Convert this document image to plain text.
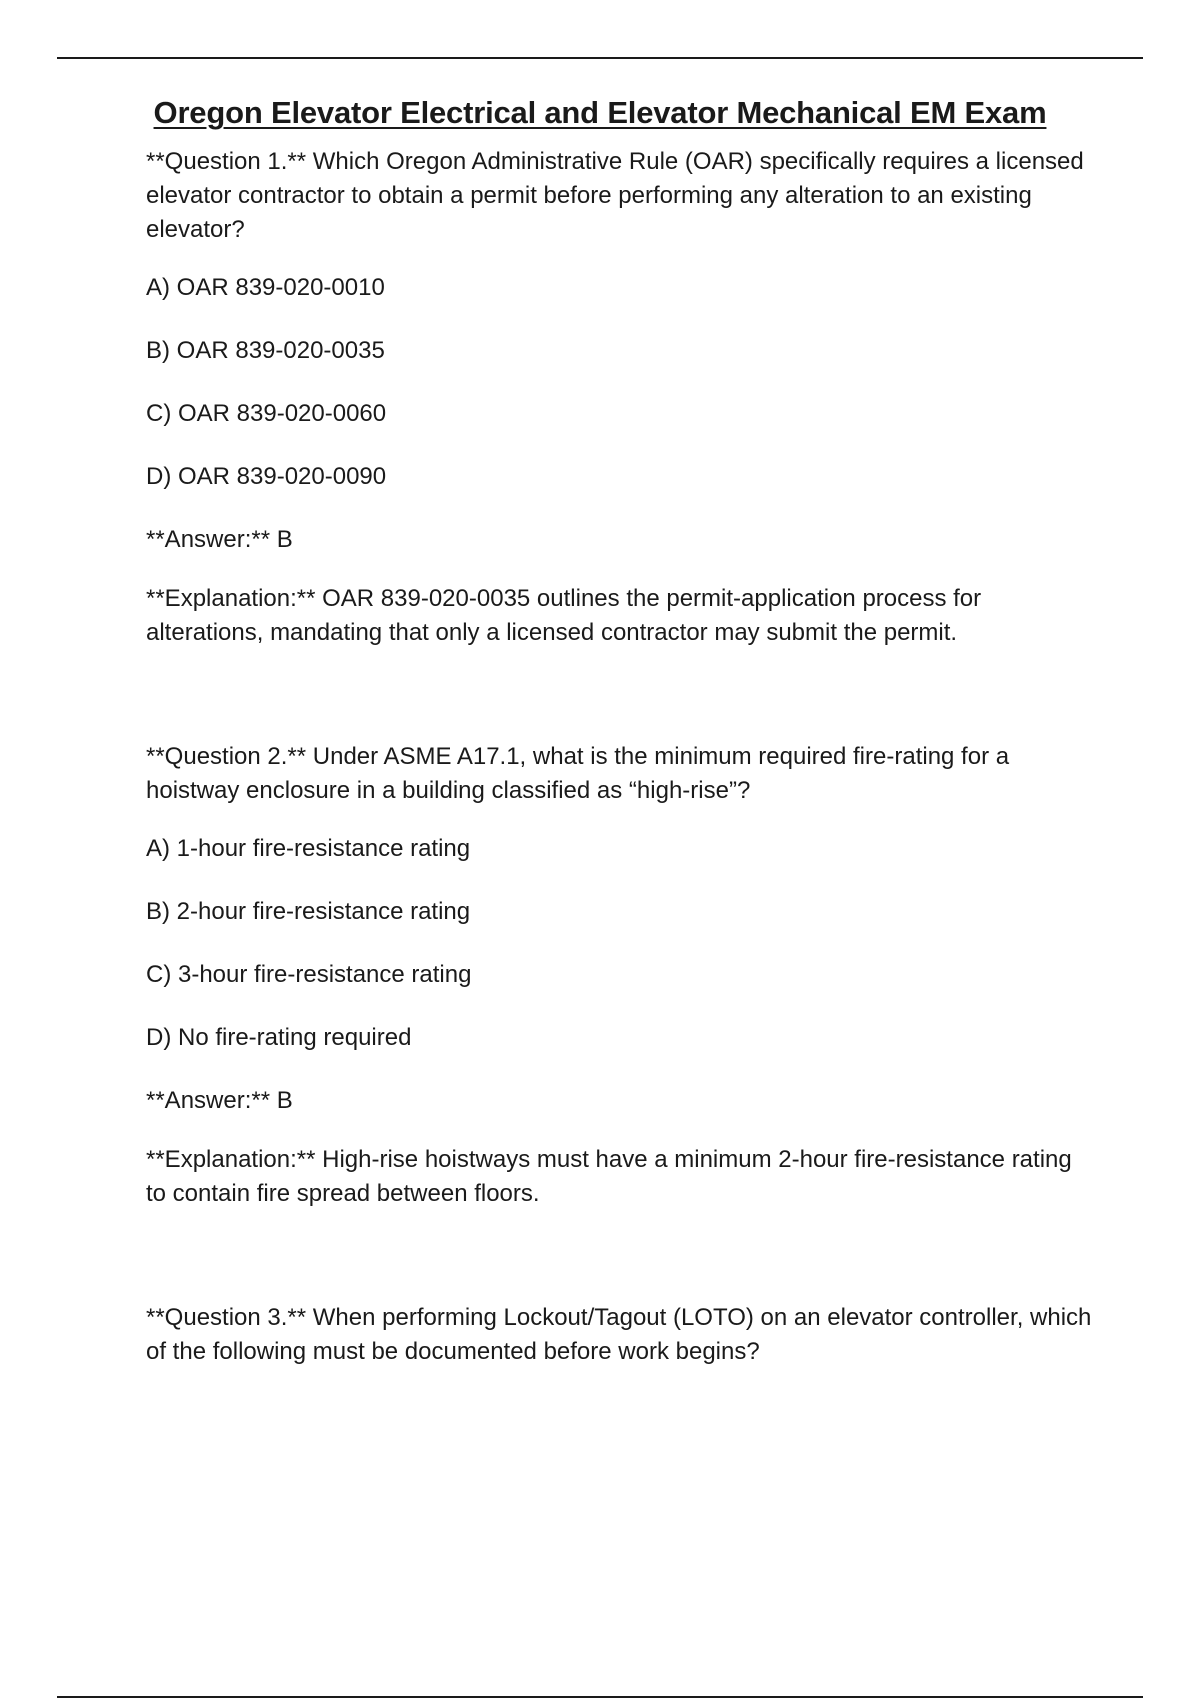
Oregon Elevator Electrical and Elevator Mechanical EM Exam

**Question 1.** Which Oregon Administrative Rule (OAR) specifically requires a licensed elevator contractor to obtain a permit before performing any alteration to an existing elevator?

A) OAR 839-020-0010

B) OAR 839-020-0035

C) OAR 839-020-0060

D) OAR 839-020-0090

**Answer:** B

**Explanation:** OAR 839-020-0035 outlines the permit-application process for alterations, mandating that only a licensed contractor may submit the permit.

**Question 2.** Under ASME A17.1, what is the minimum required fire-rating for a hoistway enclosure in a building classified as “high-rise”?

A) 1-hour fire-resistance rating

B) 2-hour fire-resistance rating

C) 3-hour fire-resistance rating

D) No fire-rating required

**Answer:** B

**Explanation:** High-rise hoistways must have a minimum 2-hour fire-resistance rating to contain fire spread between floors.

**Question 3.** When performing Lockout/Tagout (LOTO) on an elevator controller, which of the following must be documented before work begins?
